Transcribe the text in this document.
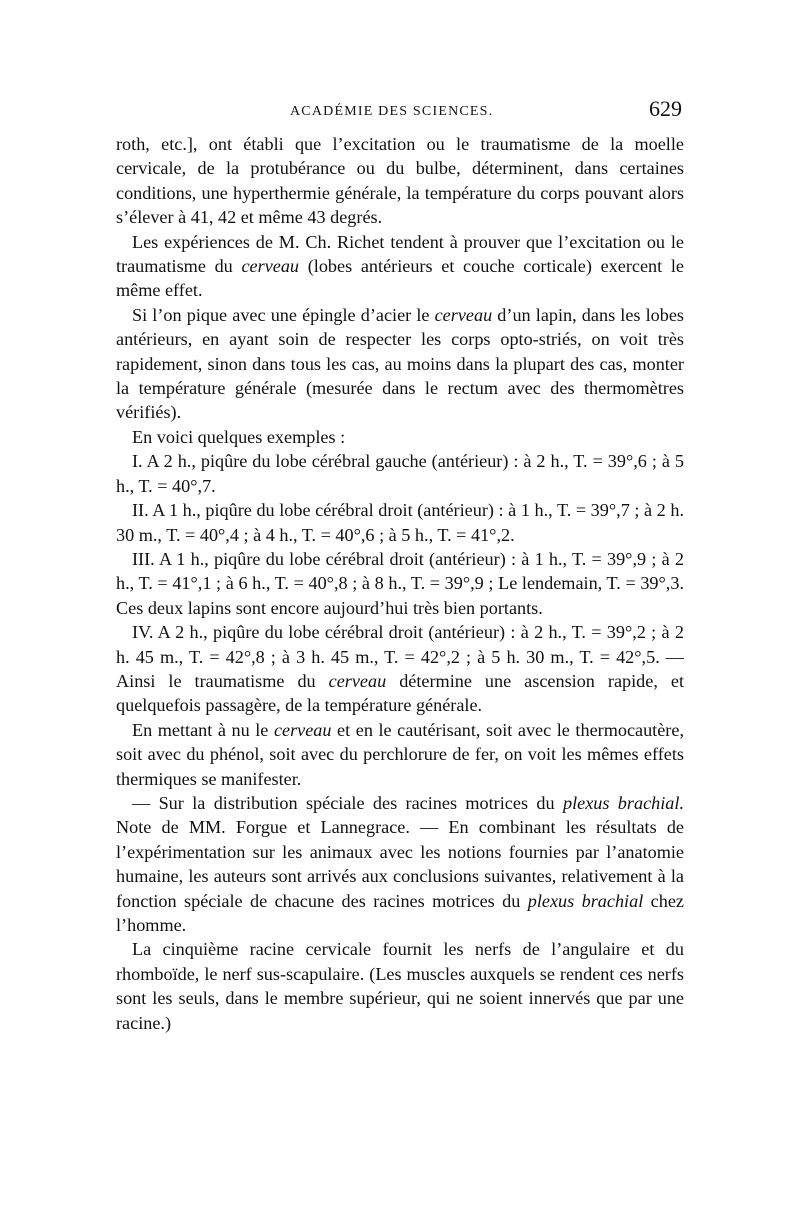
ACADÉMIE DES SCIENCES.	629

roth, etc.], ont établi que l’excitation ou le traumatisme de la moelle cervicale, de la protubérance ou du bulbe, déterminent, dans certaines conditions, une hyperthermie générale, la température du corps pouvant alors s’élever à 41, 42 et même 43 degrés.

Les expériences de M. Ch. Richet tendent à prouver que l’excitation ou le traumatisme du cerveau (lobes antérieurs et couche corticale) exercent le même effet.

Si l’on pique avec une épingle d’acier le cerveau d’un lapin, dans les lobes antérieurs, en ayant soin de respecter les corps opto-striés, on voit très rapidement, sinon dans tous les cas, au moins dans la plupart des cas, monter la température générale (mesurée dans le rectum avec des thermomètres vérifiés).

En voici quelques exemples :

I. A 2 h., piqûre du lobe cérébral gauche (antérieur) : à 2 h., T. = 39°,6 ; à 5 h., T. = 40°,7.

II. A 1 h., piqûre du lobe cérébral droit (antérieur) : à 1 h., T. = 39°,7 ; à 2 h. 30 m., T. = 40°,4 ; à 4 h., T. = 40°,6 ; à 5 h., T. = 41°,2.

III. A 1 h., piqûre du lobe cérébral droit (antérieur) : à 1 h., T. = 39°,9 ; à 2 h., T. = 41°,1 ; à 6 h., T. = 40°,8 ; à 8 h., T. = 39°,9 ; Le lendemain, T. = 39°,3. Ces deux lapins sont encore aujourd’hui très bien portants.

IV. A 2 h., piqûre du lobe cérébral droit (antérieur) : à 2 h., T. = 39°,2 ; à 2 h. 45 m., T. = 42°,8 ; à 3 h. 45 m., T. = 42°,2 ; à 5 h. 30 m., T. = 42°,5. — Ainsi le traumatisme du cerveau détermine une ascension rapide, et quelquefois passagère, de la température générale.

En mettant à nu le cerveau et en le cautérisant, soit avec le thermocautère, soit avec du phénol, soit avec du perchlorure de fer, on voit les mêmes effets thermiques se manifester.

— Sur la distribution spéciale des racines motrices du plexus brachial. Note de MM. Forgue et Lannegrace. — En combinant les résultats de l’expérimentation sur les animaux avec les notions fournies par l’anatomie humaine, les auteurs sont arrivés aux conclusions suivantes, relativement à la fonction spéciale de chacune des racines motrices du plexus brachial chez l’homme.

La cinquième racine cervicale fournit les nerfs de l’angulaire et du rhomboïde, le nerf sus-scapulaire. (Les muscles auxquels se rendent ces nerfs sont les seuls, dans le membre supérieur, qui ne soient innervés que par une racine.)
